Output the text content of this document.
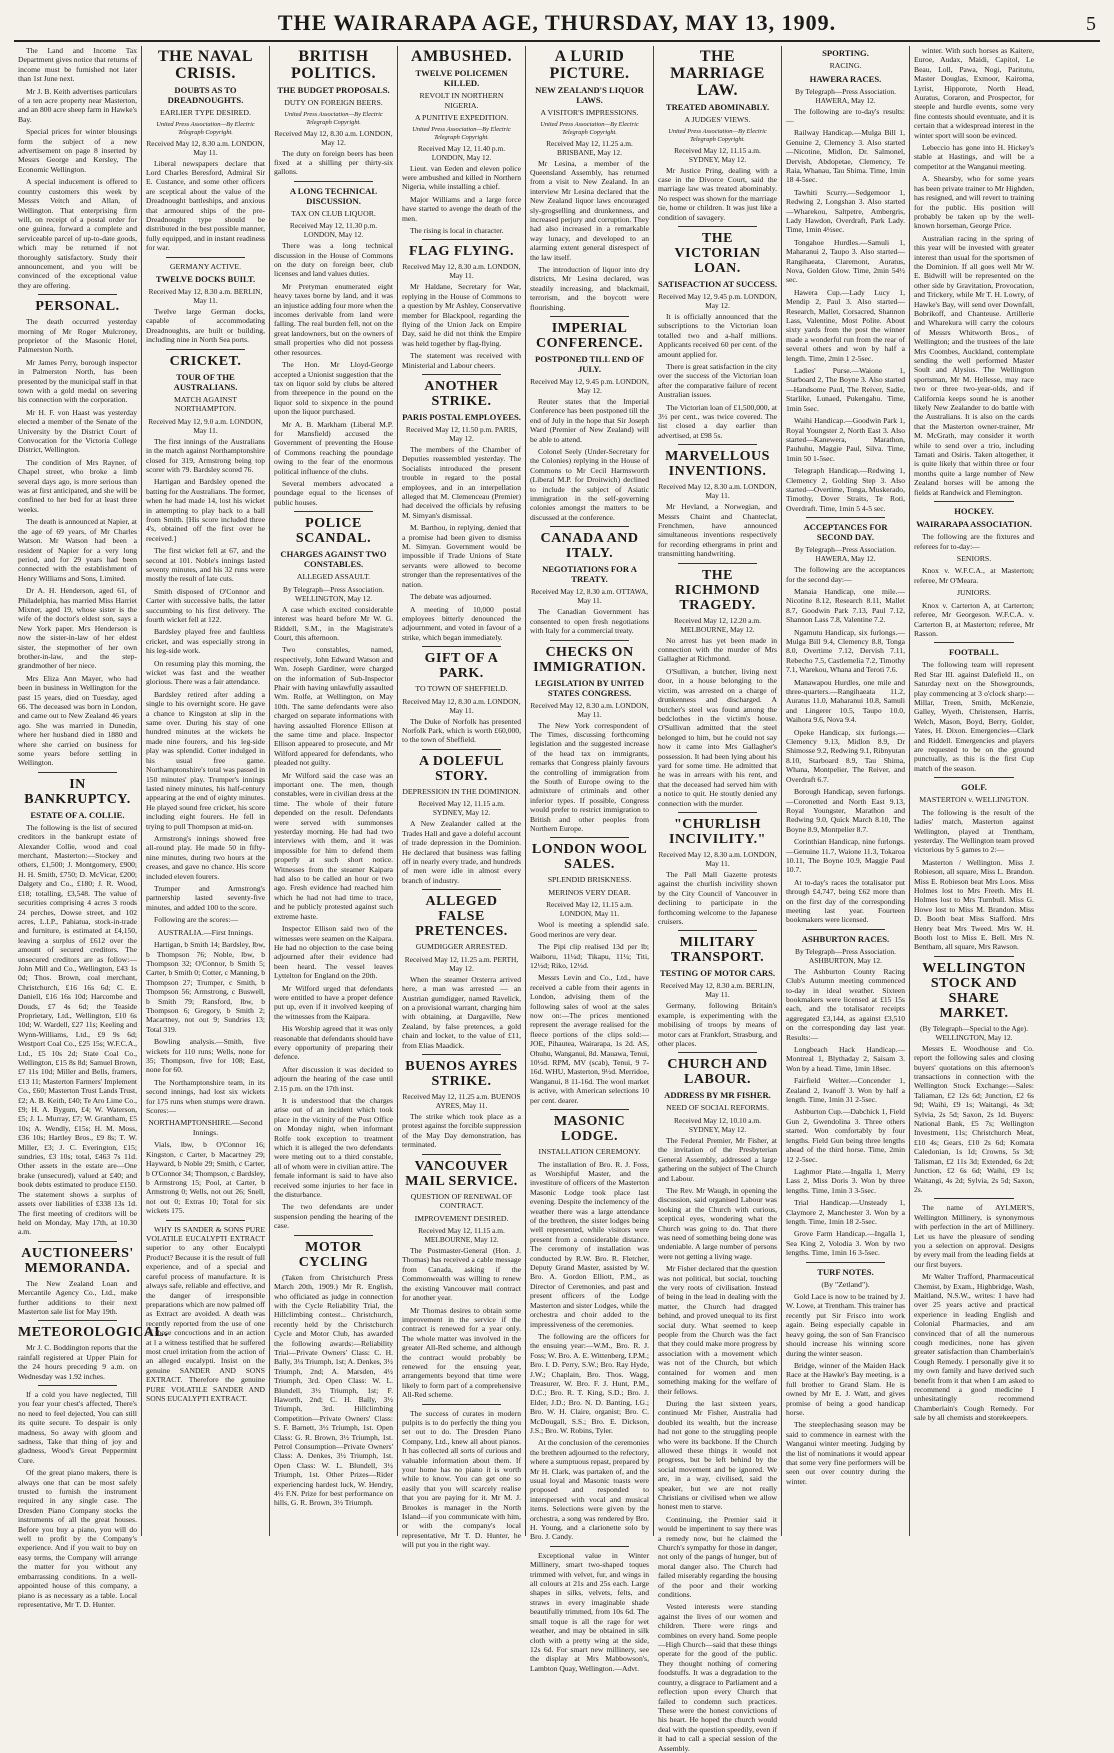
THE WAIRARAPA AGE, THURSDAY, MAY 13, 1909.	5

The Land and Income Tax Department gives notice that returns of income must be furnished not later than 1st June next.

Mr J. B. Keith advertises particulars of a ten acre property near Masterton, and an 800 acre sheep farm in Hawke's Bay.

Special prices for winter blousings form the subject of a new advertisement on page 8 inserted by Messrs George and Kersley, The Economic Wellington.

A special inducement is offered to country customers this week by Messrs Veitch and Allan, of Wellington. That enterprising firm will, on receipt of a postal order for one guinea, forward a complete and serviceable parcel of up-to-date goods, which may be returned if not thoroughly satisfactory. Study their announcement, and you will be convinced of the exceptional value they are offering.

PERSONAL.

The death occurred yesterday morning of Mr Roger Mulcroney, proprietor of the Masonic Hotel, Palmerston North.

Mr James Perry, borough inspector in Palmerston North, has been presented by the municipal staff in that town with a gold medal on severing his connection with the corporation.

Mr H. F. von Haast was yesterday elected a member of the Senate of the University by the District Court of Convocation for the Victoria College District, Wellington.

The condition of Mrs Rayner, of Chapel street, who broke a limb several days ago, is more serious than was at first anticipated, and she will be confined to her bed for at least three weeks.

The death is announced at Napier, at the age of 69 years, of Mr Charles Watson. Mr Watson had been a resident of Napier for a very long period, and for 29 years had been connected with the establishment of Henry Williams and Sons, Limited.

Dr A. H. Henderson, aged 61, of Philadelphia, has married Miss Harriet Mixner, aged 19, whose sister is the wife of the doctor's eldest son, says a New York paper. Mrs Henderson is now the sister-in-law of her eldest sister, the stepmother of her own brother-in-law, and the step-grandmother of her niece.

Mrs Eliza Ann Mayer, who had been in business in Wellington for the past 15 years, died on Tuesday, aged 66. The deceased was born in London, and came out to New Zealand 46 years ago. She was married in Dunedin, where her husband died in 1880 and where she carried on business for some years before settling in Wellington.

IN BANKRUPTCY.
ESTATE OF A. COLLIE.

The following is the list of secured creditors in the bankrupt estate of Alexander Collie, wood and coal merchant, Masterton:—Stockey and others, £1,500; J. Montgomery, £900; H. H. Smith, £750; D. McVicar, £200; Dalgety and Co., £180; J. R. Wood, £18; totalling, £3,548. The value of securities comprising 4 acres 3 roods 24 perches, Dowse street, and 102 acres, L.I.P., Pahiatua, stock-in-trade and furniture, is estimated at £4,150, leaving a surplus of £612 over the amount of secured creditors. The unsecured creditors are as follow:—John Mill and Co., Wellington, £43 1s 0d; Thos. Brown, coal merchant, Christchurch, £16 16s 6d; C. E. Daniell, £16 16s 10d; Harcombe and Douds, £7 4s 6d; the Teaside Proprietary, Ltd., Wellington, £10 6s 10d; W. Wardell, £27 11s; Keeling and Wynn-Williams, Ltd., £9 9s 6d; Westport Coal Co., £25 15s; W.F.C.A., Ltd., £5 10s 2d; State Coal Co., Wellington, £15 8s 8d; Samuel Brown, £7 11s 10d; Miller and Bells, framers, £13 11; Masterton Farmers' Implement Co., £60; Masterton Trust Lands Trust, £2; A. B. Keith, £40; Te Aro Lime Co., £9; H. A. Bygum, £4; W. Waterson, £5; J. L. Murray, £7; W. Grantham, £5 10s; A. Wendly, £15s; H. M. Moss, £36 10s; Hartley Bros., £9 8s; T. W. Miller, £3; J. C. Everington, £15; sundries, £3 10s; total, £463 7s 11d. Other assets in the estate are—One brake (unsecured), valued at £40; and book debts estimated to produce £150. The statement shows a surplus of assets over liabilities of £338 13s 1d. The first meeting of creditors will be held on Monday, May 17th, at 10.30 a.m.

AUCTIONEERS' MEMORANDA.

The New Zealand Loan and Mercantile Agency Co., Ltd., make further additions to their next Masterton sale list for May 19th.

METEOROLOGICAL.

Mr J. C. Boddington reports that the rainfall registered at Upper Plain for the 24 hours preceding 9 a.m. on Wednesday was 1.92 inches.

If a cold you have neglected, Till you fear your chest's affected, There's no need to feel dejected, You can still its quite secure. To despair is only madness, So away with gloom and sadness, Take that thing of joy and gladness, Wood's Great Peppermint Cure.

Of the great piano makers, there is always one that can be most safely trusted to furnish the instrument required in any single case. The Dresden Piano Company stocks the instruments of all the great houses. Before you buy a piano, you will do well to profit by the Company's experience. And if you wait to buy on easy terms, the Company will arrange the matter for you without any embarrassing conditions. In a well-appointed house of this company, a piano is as necessary as a table. Local representative, Mr T. D. Hunter.

THE NAVAL CRISIS.
DOUBTS AS TO DREADNOUGHTS.
EARLIER TYPE DESIRED.
United Press Association—By Electric Telegraph Copyright.
Received May 12, 8.30 a.m. LONDON, May 11.

Liberal newspapers declare that Lord Charles Beresford, Admiral Sir E. Custance, and some other officers are sceptical about the value of the Dreadnought battleships, and anxious that armoured ships of the pre-Dreadnought type should be distributed in the best possible manner, fully equipped, and in instant readiness for war.

GERMANY ACTIVE.
TWELVE DOCKS BUILT.
Received May 12, 8.30 a.m. BERLIN, May 11.

Twelve large German docks, capable of accommodating Dreadnoughts, are built or building, including nine in North Sea ports.

CRICKET.
TOUR OF THE AUSTRALIANS.
MATCH AGAINST NORTHAMPTON.
Received May 12, 9.0 a.m. LONDON, May 11.

The first innings of the Australians in the match against Northamptonshire closed for 319, Armstrong being top scorer with 79. Bardsley scored 76.

Hartigan and Bardsley opened the batting for the Australians. The former, when he had made 14, lost his wicket in attempting to play back to a ball from Smith. [His score included three 4's, obtained off the first over he received.]

The first wicket fell at 67, and the second at 101. Noble's innings lasted seventy minutes, and his 32 runs were mostly the result of late cuts.

Smith disposed of O'Connor and Carter with successive balls, the latter succumbing to his first delivery. The fourth wicket fell at 122.

Bardsley played free and faultless cricket, and was especially strong in his leg-side work.

On resuming play this morning, the wicket was fast and the weather glorious. There was a fair attendance.

Bardsley retired after adding a single to his overnight score. He gave a chance to Kingston at slip in the same over. During his stay of one hundred minutes at the wickets he made nine fourers, and his leg-side play was splendid. Cotter indulged in his usual free game. Northamptonshire's total was passed in 150 minutes' play. Trumper's innings lasted ninety minutes, his half-century appearing at the end of eighty minutes. He played sound free cricket, his score including eight fourers. He fell in trying to pull Thompson at mid-on.

Armstrong's innings showed free all-round play. He made 50 in fifty-nine minutes, during two hours at the creases, and gave no chance. His score included eleven fourers.

Trumper and Armstrong's partnership lasted seventy-five minutes, and added 100 to the score.

Following are the scores:—

AUSTRALIA.—First Innings.

Hartigan, b Smith 14; Bardsley, lbw, b Thompson 76; Noble, lbw, b Thompson 32; O'Connor, b Smith 5; Carter, b Smith 0; Cotter, c Manning, b Thompson 27; Trumper, c Smith, b Thompson 56; Armstrong, c Buswell, b Smith 79; Ransford, lbw, b Thompson 6; Gregory, b Smith 2; Macartney, not out 9; Sundries 13; Total 319.

Bowling analysis.—Smith, five wickets for 110 runs; Wells, none for 35; Thompson, five for 108; East, none for 60.

The Northamptonshire team, in its second innings, had lost six wickets for 175 runs when stumps were drawn. Scores:—

NORTHAMPTONSHIRE.—Second Innings.

Vials, lbw, b O'Connor 16; Kingston, c Carter, b Macartney 29; Hayward, b Noble 29; Smith, c Carter, b O'Connor 34; Thompson, c Bardsley, b Armstrong 15; Pool, at Carter, b Armstrong 0; Wells, not out 26; Snell, not out 0; Extras 10; Total for six wickets 175.

WHY IS SANDER & SONS PURE VOLATILE EUCALYPTI EXTRACT superior to any other Eucalypti Product? Because it is the result of full experience, and of a special and careful process of manufacture. It is always safe, reliable and effective, and the danger of irresponsible preparations which are now palmed off as Extract are avoided. A death was recently reported from the use of one of those concoctions and in an action at l a witness testified that he suffered most cruel irritation from the action of an alleged eucalypti. Insist on the genuine SANDER AND SONS EXTRACT. Therefore the genuine PURE VOLATILE SANDER AND SONS EUCALYPTI EXTRACT.

BRITISH POLITICS.
THE BUDGET PROPOSALS.
DUTY ON FOREIGN BEERS.
United Press Association—By Electric Telegraph Copyright.
Received May 12, 8.30 a.m. LONDON, May 12.

The duty on foreign beers has been fixed at a shilling per thirty-six gallons.

A LONG TECHNICAL DISCUSSION.
TAX ON CLUB LIQUOR.
Received May 12, 11.30 p.m. LONDON, May 12.

There was a long technical discussion in the House of Commons on the duty on foreign beer, club licenses and land values duties.

Mr Pretyman enumerated eight heavy taxes borne by land, and it was an injustice adding four more when the incomes derivable from land were falling. The real burden fell, not on the great landowners, but on the owners of small properties who did not possess other resources.

The Hon. Mr Lloyd-George accepted a Unionist suggestion that the tax on liquor sold by clubs be altered from threepence in the pound on the liquor sold to sixpence in the pound upon the liquor purchased.

Mr A. B. Markham (Liberal M.P. for Mansfield) accused the Government of preventing the House of Commons reaching the poundage owing to the fear of the enormous political influence of the clubs.

Several members advocated a poundage equal to the licenses of public houses.

POLICE SCANDAL.
CHARGES AGAINST TWO CONSTABLES.
ALLEGED ASSAULT.
By Telegraph—Press Association. WELLINGTON, May 12.

A case which excited considerable interest was heard before Mr W. G. Riddell, S.M., in the Magistrate's Court, this afternoon.

Two constables, named, respectively, John Edward Watson and Wm. Joseph Gardiner, were charged on the information of Sub-Inspector Phair with having unlawfully assaulted Wm. Rolfe, at Wellington, on May 10th. The same defendants were also charged on separate informations with having assaulted Florence Ellison at the same time and place. Inspector Ellison appeared to prosecute, and Mr Wilford appeared for defendants, who pleaded not guilty.

Mr Wilford said the case was an important one. The men, though constables, were in civilian dress at the time. The whole of their future depended on the result. Defendants were served with summonses yesterday morning. He had had two interviews with them, and it was impossible for him to defend them properly at such short notice. Witnesses from the steamer Kaipara had also to be called an hour or two ago. Fresh evidence had reached him which he had not had time to trace, and he publicly protested against such extreme haste.

Inspector Ellison said two of the witnesses were seamen on the Kaipara. He had no objection to the case being adjourned after their evidence had been heard. The vessel leaves Lyttelton for England on the 20th.

Mr Wilford urged that defendants were entitled to have a proper defence put up, even if it involved keeping of the witnesses from the Kaipara.

His Worship agreed that it was only reasonable that defendants should have every opportunity of preparing their defence.

After discussion it was decided to adjourn the hearing of the case until 2.15 p.m. on the 17th inst.

It is understood that the charges arise out of an incident which took place in the vicinity of the Post Office on Monday night, when informant Rolfe took exception to treatment which it is alleged the two defendants were meting out to a third constable, all of whom were in civilian attire. The female informant is said to have also received some injuries to her face in the disturbance.

The two defendants are under suspension pending the hearing of the case.

MOTOR CYCLING

(Taken from Christchurch Press March 20th, 1909.) Mr R. English, who officiated as judge in connection with the Cycle Reliability Trial, the Hillclimbing contest... Christchurch, recently held by the Christchurch Cycle and Motor Club, has awarded the following awards:—Reliability Trial—Private Owners' Class: C. H. Bally, 3¼ Triumph, 1st; A. Denkes, 3½ Triumph, 2nd; A. Marsden, 4½ Triumph, 3rd. Open Class: W. L. Blundell, 3½ Triumph, 1st; F. Haworth, 2nd; C. H. Bally, 3½ Triumph, 3rd. Hillclimbing Competition—Private Owners' Class: S. F. Barnett, 3½ Triumph, 1st. Open Class: G. R. Brown, 3½ Triumph, 1st. Petrol Consumption—Private Owners' Class: A. Denkes, 3½ Triumph, 1st. Open Class: W. L. Blundell, 3½ Triumph, 1st. Other Prizes—Rider experiencing hardest luck, W. Hendry, 4½ F.N. Prize for best performance on hills, G. R. Brown, 3½ Triumph.

AMBUSHED.
TWELVE POLICEMEN KILLED.
REVOLT IN NORTHERN NIGERIA.
A PUNITIVE EXPEDITION.
United Press Association—By Electric Telegraph Copyright.
Received May 12, 11.40 p.m. LONDON, May 12.

Lieut. van Eeden and eleven police were ambushed and killed in Northern Nigeria, while installing a chief.

Major Williams and a large force have started to avenge the death of the men.

The rising is local in character.

FLAG FLYING.
Received May 12, 8.30 a.m. LONDON, May 11.

Mr Haldane, Secretary for War, replying in the House of Commons to a question by Mr Ashley, Conservative member for Blackpool, regarding the flying of the Union Jack on Empire Day, said he did not think the Empire was held together by flag-flying.

The statement was received with Ministerial and Labour cheers.

ANOTHER STRIKE.
PARIS POSTAL EMPLOYEES.
Received May 12, 11.50 p.m. PARIS, May 12.

The members of the Chamber of Deputies reassembled yesterday. The Socialists introduced the present trouble in regard to the postal employees, and in an interpellation alleged that M. Clemenceau (Premier) had deceived the officials by refusing M. Simyan's dismissal.

M. Barthou, in replying, denied that a promise had been given to dismiss M. Simyan. Government would be impossible if Trade Unions of State servants were allowed to become stronger than the representatives of the nation.

The debate was adjourned.

A meeting of 10,000 postal employees bitterly denounced the adjournment, and voted in favour of a strike, which began immediately.

GIFT OF A PARK.
TO TOWN OF SHEFFIELD.
Received May 12, 8.30 a.m. LONDON, May 11.

The Duke of Norfolk has presented Norfolk Park, which is worth £60,000, to the town of Sheffield.

A DOLEFUL STORY.
DEPRESSION IN THE DOMINION.
Received May 12, 11.15 a.m. SYDNEY, May 12.

A New Zealander called at the Trades Hall and gave a doleful account of trade depression in the Dominion. He declared that business was falling off in nearly every trade, and hundreds of men were idle in almost every branch of industry.

ALLEGED FALSE PRETENCES.
GUMDIGGER ARRESTED.
Received May 12, 11.25 a.m. PERTH, May 12.

When the steamer Orsterra arrived here, a man was arrested — an Austrian gumdigger, named Ravelick, on a provisional warrant, charging him with obtaining, at Dargaville, New Zealand, by false pretences, a gold chain and locket, to the value of £11, from Elias Maadick.

BUENOS AYRES STRIKE.
Received May 12, 11.25 a.m. BUENOS AYRES, May 11.

The strike which took place as a protest against the forcible suppression of the May Day demonstration, has terminated.

VANCOUVER MAIL SERVICE.
QUESTION OF RENEWAL OF CONTRACT.
IMPROVEMENT DESIRED.
Received May 12, 11.15 a.m. MELBOURNE, May 12.

The Postmaster-General (Hon. J. Thomas) has received a cable message from Canada, asking if the Commonwealth was willing to renew the existing Vancouver mail contract for another year.

Mr Thomas desires to obtain some improvement in the service if the contract is renewed for a year only. The whole matter was involved in the greater All-Red scheme, and although the contract would probably be renewed for the ensuing year, arrangements beyond that time were likely to form part of a comprehensive All-Red scheme.

The success of curates in modern pulpits is to do perfectly the thing you set out to do. The Dresden Piano Company, Ltd., knew all about pianos. It has collected all sorts of curious and valuable information about them. If your home has no piano it is worth while to know. You can get one so easily that you will scarcely realise that you are paying for it. Mr M. J. Brookes is manager in the North Island—if you communicate with him, or with the company's local representative, Mr T. D. Hunter, he will put you in the right way.

A LURID PICTURE.
NEW ZEALAND'S LIQUOR LAWS.
A VISITOR'S IMPRESSIONS.
United Press Association—By Electric Telegraph Copyright.
Received May 12, 11.25 a.m. BRISBANE, May 12.

Mr Lesina, a member of the Queensland Assembly, has returned from a visit to New Zealand. In an interview Mr Lesina declared that the New Zealand liquor laws encouraged sly-grogselling and drunkenness, and increased perjury and corruption. They had also increased in a remarkable way lunacy, and developed to an alarming extent general disrespect of the law itself.

The introduction of liquor into dry districts, Mr Lesina declared, was steadily increasing, and blackmail, terrorism, and the boycott were flourishing.

IMPERIAL CONFERENCE.
POSTPONED TILL END OF JULY.
Received May 12, 9.45 p.m. LONDON, May 12.

Reuter states that the Imperial Conference has been postponed till the end of July in the hope that Sir Joseph Ward (Premier of New Zealand) will be able to attend.

Colonel Seely (Under-Secretary for the Colonies) replying in the House of Commons to Mr Cecil Harmsworth (Liberal M.P. for Droitwich) declined to include the subject of Asiatic immigration in the self-governing colonies amongst the matters to be discussed at the conference.

CANADA AND ITALY.
NEGOTIATIONS FOR A TREATY.
Received May 12, 8.30 a.m. OTTAWA, May 11.

The Canadian Government has consented to open fresh negotiations with Italy for a commercial treaty.

CHECKS ON IMMIGRATION.
LEGISLATION BY UNITED STATES CONGRESS.
Received May 12, 8.30 a.m. LONDON, May 11.

The New York correspondent of The Times, discussing forthcoming legislation and the suggested increase of the head tax on immigrants, remarks that Congress plainly favours the controlling of immigration from the South of Europe owing to the admixture of criminals and other inferior types. If possible, Congress would prefer to restrict immigration to British and other peoples from Northern Europe.

LONDON WOOL SALES.
SPLENDID BRISKNESS.
MERINOS VERY DEAR.
Received May 12, 11.15 a.m. LONDON, May 11.

Wool is meeting a splendid sale. Good merinos are very dear.

The Pipi clip realised 13d per lb; Waiboru, 11¼d; Tikapu, 11¼; Titi, 12½d; Riko, 12½d.

Messrs Levin and Co., Ltd., have received a cable from their agents in London, advising them of the following sales of wool at the sales now on:—The prices mentioned represent the average realised for the fleece portions of the clips sold:— JOE, Pihautea, Wairarapa, 1s 2d. AS, Ohuhu, Wanganui, 8d. Mauawa, Tenui, 10½d. RPM, MV (scab), Tenui, 9 7-16d. WHU, Masterton, 9½d. Merridoe, Wanganui, 8 11-16d. The wool market is active, with American selections 10 per cent. dearer.

MASONIC LODGE.
INSTALLATION CEREMONY.

The installation of Bro. R. J. Foss, as Worshipful Master, and the investiture of officers of the Masterton Masonic Lodge took place last evening. Despite the inclemency of the weather there was a large attendance of the brethren, the sister lodges being well represented, while visitors were present from a considerable distance. The ceremony of installation was conducted by R.W. Bro. R. Fletcher, Deputy Grand Master, assisted by W. Bro. A. Gordon Elliott, P.M., as Director of Ceremonies, and past and present officers of the Lodge Masterton and sister Lodges, while the orchestra and choir added to the impressiveness of the ceremonies.

The following are the officers for the ensuing year:—W.M., Bro. R. J. Foss; W. Bro. A. E. Wittenberg, I.P.M.; Bro. I. D. Perry, S.W.; Bro. Ray Hyde, J.W.; Chaplain, Bro. Thos. Wagg, Treasurer, W. Bro. F. J. Hunt, P.M., D.C.; Bro. R. T. King, S.D.; Bro. J. Elder, J.D.; Bro. N. D. Banting, I.G.; Bro. W. H. Claire, organist; Bro. C. McDougall, S.S.; Bro. E. Dickson, J.S.; Bro. W. Robins, Tyler.

At the conclusion of the ceremonies the brethren adjourned to the refectory, where a sumptuous repast, prepared by Mr H. Clark, was partaken of, and the usual loyal and Masonic toasts were proposed and responded to interspersed with vocal and musical items. Selections were given by the orchestra, a song was rendered by Bro. H. Young, and a clarionette solo by Bro. J. Candy.

Exceptional value in Winter Millinery, smart two-shaped toques trimmed with velvet, fur, and wings in all colours at 21s and 25s each. Large shapes in silks, velvets, felts, and straws in every imaginable shade beautifully trimmed, from 10s 6d. The small toque is all the rage for wet weather, and may be obtained in silk cloth with a pretty wing at the side, 12s 6d. For smart new millinery, see the display at Mrs Mabbowson's, Lambton Quay, Wellington.—Advt.

THE MARRIAGE LAW.
TREATED ABOMINABLY.
A JUDGES' VIEWS.
United Press Association—By Electric Telegraph Copyright.
Received May 12, 11.15 a.m. SYDNEY, May 12.

Mr Justice Pring, dealing with a case in the Divorce Court, said the marriage law was treated abominably. No respect was shown for the marriage tie, home or children. It was just like a condition of savagery.

THE VICTORIAN LOAN.
SATISFACTION AT SUCCESS.
Received May 12, 9.45 p.m. LONDON, May 12.

It is officially announced that the subscriptions to the Victorian loan totalled two and a-half millions. Applicants received 60 per cent. of the amount applied for.

There is great satisfaction in the city over the success of the Victorian loan after the comparative failure of recent Australian issues.

The Victorian loan of £1,500,000, at 3½ per cent., was twice covered. The list closed a day earlier than advertised, at £98 5s.

MARVELLOUS INVENTIONS.
Received May 12, 8.30 a.m. LONDON, May 11.

Mr Hevland, a Norwegian, and Messrs Chaint and Chanteclat, Frenchmen, have announced simultaneous inventions respectively for recording ethergrams in print and transmitting handwriting.

THE RICHMOND TRAGEDY.
Received May 12, 12.20 a.m. MELBOURNE, May 12.

No arrest has yet been made in connection with the murder of Mrs Gallagher at Richmond.

O'Sullivan, a butcher, living next door, in a house belonging to the victim, was arrested on a charge of drunkenness and discharged. A butcher's steel was found among the bedclothes in the victim's house. O'Sullivan admitted that the steel belonged to him, but he could not say how it came into Mrs Gallagher's possession. It had been lying about his yard for some time. He admitted that he was in arrears with his rent, and that the deceased had served him with a notice to quit. He stoutly denied any connection with the murder.

"CHURLISH INCIVILITY."
Received May 12, 8.30 a.m. LONDON, May 11.

The Pall Mall Gazette protests against the churlish incivility shown by the City Council of Vancouver in declining to participate in the forthcoming welcome to the Japanese cruisers.

MILITARY TRANSPORT.
TESTING OF MOTOR CARS.
Received May 12, 8.30 a.m. BERLIN, May 11.

Germany, following Britain's example, is experimenting with the mobilising of troops by means of motor cars at Frankfort, Strasburg, and other places.

CHURCH AND LABOUR.
ADDRESS BY MR FISHER.
NEED OF SOCIAL REFORMS.
Received May 12, 10.10 a.m. SYDNEY, May 12.

The Federal Premier, Mr Fisher, at the invitation of the Presbyterian General Assembly, addressed a large gathering on the subject of The Church and Labour.

The Rev. Mr Waugh, in opening the discussion, said organised Labour was looking at the Church with curious, sceptical eyes, wondering what the Church was going to do. That there was need of something being done was undeniable. A large number of persons were not getting a living wage.

Mr Fisher declared that the question was not political, but social, touching the very roots of civilisation. Instead of being in the lead in dealing with the matter, the Church had dragged behind, and proved unequal to its first social duty. What seemed to keep people from the Church was the fact that they could make more progress by association with a movement which was not of the Church, but which contained for women and men something making for the welfare of their fellows.

During the last sixteen years, continued Mr Fisher, Australia had doubled its wealth, but the increase had not gone to the struggling people who were its backbone. If the Church allowed these things it would not progress, but be left behind by the social movement and be ignored. We are, in a way, civilised, said the speaker, but we are not really Christians or civilised when we allow honest men to starve.

Continuing, the Premier said it would be impertinent to say there was a remedy now, but he claimed the Church's sympathy for those in danger, not only of the pangs of hunger, but of moral danger also. The Church had failed miserably regarding the housing of the poor and their working conditions.

Vested interests were standing against the lives of our women and children. There were rings and combines on every hand. Some people—High Church—said that these things operate for the good of the public. They thought nothing of cornering foodstuffs. It was a degradation to the country, a disgrace to Parliament and a reflection upon every Church that failed to condemn such practices. These were the honest convictions of his heart. He hoped the church would deal with the question speedily, even if it had to call a special session of the Assembly.

SPORTING.
RACING.
HAWERA RACES.
By Telegraph—Press Association. HAWERA, May 12.

The following are to-day's results:—

Railway Handicap.—Mulga Bill 1, Genuine 2, Clemency 3. Also started—Nicotine, Midlon, Dr. Salmonel, Dervish, Abdopetae, Clemency, Te Raia, Whanau, Tau Shima. Time, 1min 18 4-5sec.

Tawhiti Scurry.—Sedgemoor 1, Redwing 2, Longshan 3. Also started—Wharekou, Saltpetre, Ambergris, Lady Hawdon, Overdraft, Park Lady. Time, 1min 4½sec.

Tongahoe Hurdles.—Samuli 1, Maharanui 2, Taupo 3. Also started—Rangihaeata, Claremont, Auratus, Nova, Golden Glow. Time, 2min 54½ sec.

Hawera Cup.—Lady Lucy 1, Mendip 2, Paul 3. Also started—Research, Mallet, Corsacred, Shannon Lass, Valentine, Most Polite. About sixty yards from the post the winner made a wonderful run from the rear of several others and won by half a length. Time, 2min 1 2-5sec.

Ladies' Purse.—Waione 1, Starboard 2, The Boyne 3. Also started—Handsome Paul, The Reiver, Sadie, Starlike, Lunaed, Pukengahu. Time, 1min 5sec.

Waihi Handicap.—Goodwin Park 1, Royal Youngster 2, North East 3. Also started—Kanewera, Marathon, Pauhuhu, Maggie Paul, Silva. Time, 1min 50 1-5sec.

Telegraph Handicap.—Redwing 1, Clemency 2, Golding Step 3. Also started—Overtime, Tonga, Muskerado, Timothy, Dover Straits, Te Roti, Overdraft. Time, 1min 5 4-5 sec.

ACCEPTANCES FOR SECOND DAY.
By Telegraph—Press Association. HAWERA, May 12.

The following are the acceptances for the second day:—

Manaia Handicap, one mile.—Nicotine 8.12, Research 8.11, Mallet 8.7, Goodwin Park 7.13, Paul 7.12, Shannon Lass 7.8, Valentine 7.2.

Ngamutu Handicap, six furlongs.—Mulga Bill 9.4, Clemency 8.8, Tonga 8.0, Overtime 7.12, Dervish 7.11, Rebecho 7.5, Castlemelia 7.2, Timothy 7.1, Warekou, Whana and Teroti 7.6.

Manawapou Hurdles, one mile and three-quarters.—Rangihaeata 11.2, Auratus 11.0, Maharanui 10.8, Samuli and Lingerer 10.5, Taupo 10.0, Waihora 9.6, Nova 9.4.

Opeke Handicap, six furlongs.—Clemency 9.13, Midlon 8.9, Dr Shimosse 9.2, Redwing 9.1, Ribnyutan 8.10, Starboard 8.9, Tau Shima, Whana, Montpelier, The Reiver, and Overdraft 6.7.

Borough Handicap, seven furlongs.—Coronetted and North East 9.13, Royal Youngster, Marathon and Redwing 9.0, Quick March 8.10, The Boyne 8.9, Montpelier 8.7.

Corinthian Handicap, nine furlongs.—Genuine 11.7, Waione 11.3, Tokaroa 10.11, The Boyne 10.9, Maggie Paul 10.7.

At to-day's races the totalisator put through £4,747, being £62 more than on the first day of the corresponding meeting last year. Fourteen bookmakers were licensed.

ASHBURTON RACES.
By Telegraph—Press Association. ASHBURTON, May 12.

The Ashburton County Racing Club's Autumn meeting commenced to-day in ideal weather. Sixteen bookmakers were licensed at £15 15s each, and the totalisator receipts aggregated £3,144, as against £3,510 on the corresponding day last year. Results:—

Longbeach Hack Handicap.—Montreal 1, Blythaday 2, Saisam 3. Won by a head. Time, 1min 18sec.

Fairfield Welter.—Concender 1, Zealand 2, Ivanoff 3. Won by half a length. Time, 1min 31 2-5sec.

Ashburton Cup.—Dabchick 1, Field Gun 2, Gwendolina 3. Three others started. Won comfortably by four lengths. Field Gun being three lengths ahead of the third horse. Time, 2min 12 2-5sec.

Laghmor Plate.—Ingalla 1, Merry Lass 2, Miss Doris 3. Won by three lengths. Time, 1min 3 3-5sec.

Trial Handicap.—Unsteady 1, Claymore 2, Manchester 3. Won by a length. Time, 1min 18 2-5sec.

Grove Farm Handicap.—Ingalla 1, Sea King 2, Volodia 3. Won by two lengths. Time, 1min 16 3-5sec.

TURF NOTES.
(By "Zetland").

Gold Lace is now to be trained by J. W. Lowe, at Trentham. This trainer has recently put Sir Frisco into work again. Being especially capable in heavy going, the son of San Francisco should increase his winning score during the winter season.

Bridge, winner of the Maiden Hack Race at the Hawke's Bay meeting, is a full brother to Grand Slam. He is owned by Mr E. J. Watt, and gives promise of being a good handicap horse.

The steeplechasing season may be said to commence in earnest with the Wanganui winter meeting. Judging by the list of nominations it would appear that some very fine performers will be seen out over country during the winter.

winter. With such horses as Kaitere, Euroe, Audax, Maidi, Capitol, Le Beau, Loll, Pawa, Nogi, Paritutu, Master Douglas, Exmoor, Kairoma, Lyrist, Hipporote, North Head, Auratus, Coraron, and Prospector, for steeple and hurdle events, some very fine contests should eventuate, and it is certain that a widespread interest in the winter sport will soon be evinced.

Lebeccio has gone into H. Hickey's stable at Hastings, and will be a competitor at the Wanganui meeting.

A. Shearsby, who for some years has been private trainer to Mr Highden, has resigned, and will revert to training for the public. His position will probably be taken up by the well-known horseman, George Price.

Australian racing in the spring of this year will be invested with greater interest than usual for the sportsmen of the Dominion. If all goes well Mr W. E. Bidwill will be represented on the other side by Gravitation, Provocation, and Trickery, while Mr T. H. Lowry, of Hawke's Bay, will send over Downfall, Bobrikoff, and Chanteuse. Artillerie and Wharekura will carry the colours of Messrs Whitworth Bros., of Wellington; and the trustees of the late Mrs Coombes, Auckland, contemplate sending the well performed Master Soult and Alysius. The Wellington sportsman, Mr M. Hellesse, may race two or three two-year-olds, and if California keeps sound he is another likely New Zealander to do battle with the Australians. It is also on the cards that the Masterton owner-trainer, Mr M. McGrath, may consider it worth while to send over a trio, including Tamati and Osiris. Taken altogether, it is quite likely that within three or four months quite a large number of New Zealand horses will be among the fields at Randwick and Flemington.

HOCKEY.
WAIRARAPA ASSOCIATION.

The following are the fixtures and referees for to-day:—

SENIORS.

Knox v. W.F.C.A., at Masterton; referee, Mr O'Meara.

JUNIORS.

Knox v. Carterton A, at Carterton; referee, Mr Georgeson. W.F.C.A. v. Carterton B, at Masterton; referee, Mr Rasson.

FOOTBALL.

The following team will represent Red Star III. against Dalefield II., on Saturday next on the Showgrounds, play commencing at 3 o'clock sharp:—Millar, Treen, Smith, McKenzie, Galley, Wyeth, Christensen, Harris, Welch, Mason, Boyd, Berry, Golder, Yates, H. Dixon. Emergencies—Clark and Riddell. Emergencies and players are requested to be on the ground punctually, as this is the first Cup match of the season.

GOLF.
MASTERTON v. WELLINGTON.

The following is the result of the ladies' match, Masterton against Wellington, played at Trentham, yesterday. The Wellington team proved victorious by 5 games to 2:—

Masterton / Wellington. Miss J. Robieson, all square, Miss L. Brandon. Miss E. Robieson beat Mrs Loos. Miss Holmes lost to Mrs Freeth. Mrs H. Holmes lost to Mrs Turnbull. Miss G. Howe lost to Miss M. Brandon. Miss D. Booth beat Miss Stafford. Mrs Henry beat Mrs Tweed. Mrs W. H. Booth lost to Miss E. Bell. Mrs N. Bentham, all square, Mrs Rawson.

WELLINGTON STOCK AND SHARE MARKET.
(By Telegraph—Special to the Age). WELLINGTON, May 12.

Messrs E. Woodhouse and Co. report the following sales and closing buyers' quotations on this afternoon's transactions in connection with the Wellington Stock Exchange:—Sales: Taliaman, £2 12s 6d; Junction, £2 6s 9d; Waihi, £9 1s; Waitangi, 4s 3d; Sylvia, 2s 5d; Saxon, 2s 1d. Buyers: National Bank, £5 7s; Wellington Investment, 11s; Christchurch Meat, £10 4s; Gears, £10 2s 6d; Komata Caledonian, 1s 1d; Crowns, 5s 3d; Talisman, £2 11s 3d; Extended, 6s 2d; Junction, £2 6s 6d; Waihi, £9 1s; Waitangi, 4s 2d; Sylvia, 2s 5d; Saxon, 2s.

The name of AYLMER'S, Wellington Millinery, is synonymous with perfection in the art of Millinery. Let us have the pleasure of sending you a selection on approval. Designs by every mail from the leading fields at our first buyers.

Mr Walter Trafford, Pharmaceutical Chemist, by Exam., Highbridge, Wash, Maitland, N.S.W., writes: I have had over 25 years active and practical experience in leading English and Colonial Pharmacies, and am convinced that of all the numerous cough medicines, none has given greater satisfaction than Chamberlain's Cough Remedy. I personally give it to my own family and have derived such benefit from it that when I am asked to recommend a good medicine I unhesitatingly recommend Chamberlain's Cough Remedy. For sale by all chemists and storekeepers.
